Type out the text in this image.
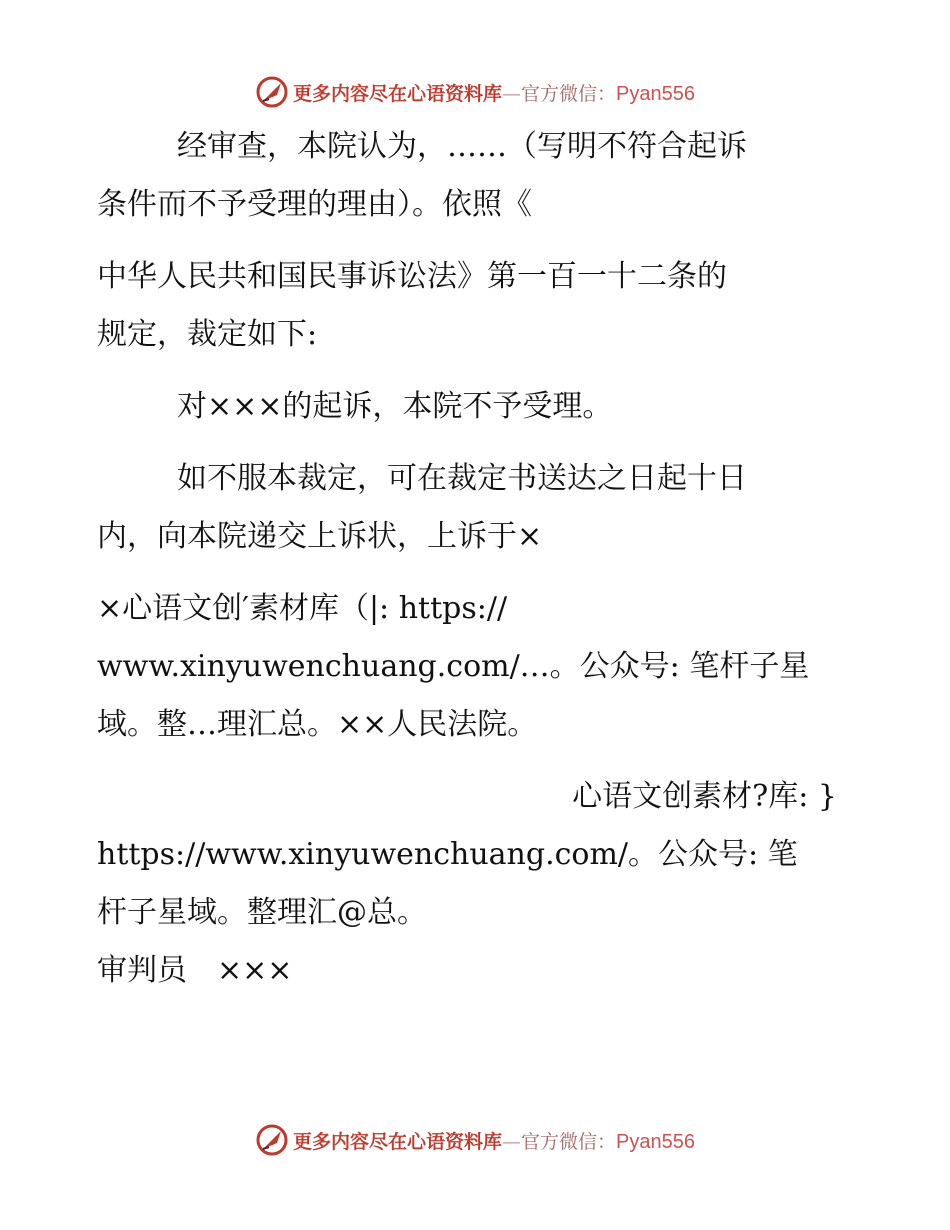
更多内容尽在心语资料库—官方微信：Pyan556
经审查，本院认为，……（写明不符合起诉
条件而不予受理的理由）。依照《
中华人民共和国民事诉讼法》第一百一十二条的
规定，裁定如下:
对×××的起诉，本院不予受理。
如不服本裁定，可在裁定书送达之日起十日
内，向本院递交上诉状，上诉于×
×心语文创′素材库（|: https://
www.xinyuwenchuang.com/…。公众号: 笔杆子星
域。整…理汇总。××人民法院。
心语文创素材?库: }
https://www.xinyuwenchuang.com/。公众号: 笔
杆子星域。整理汇@总。
审判员　×××
更多内容尽在心语资料库—官方微信：Pyan556
